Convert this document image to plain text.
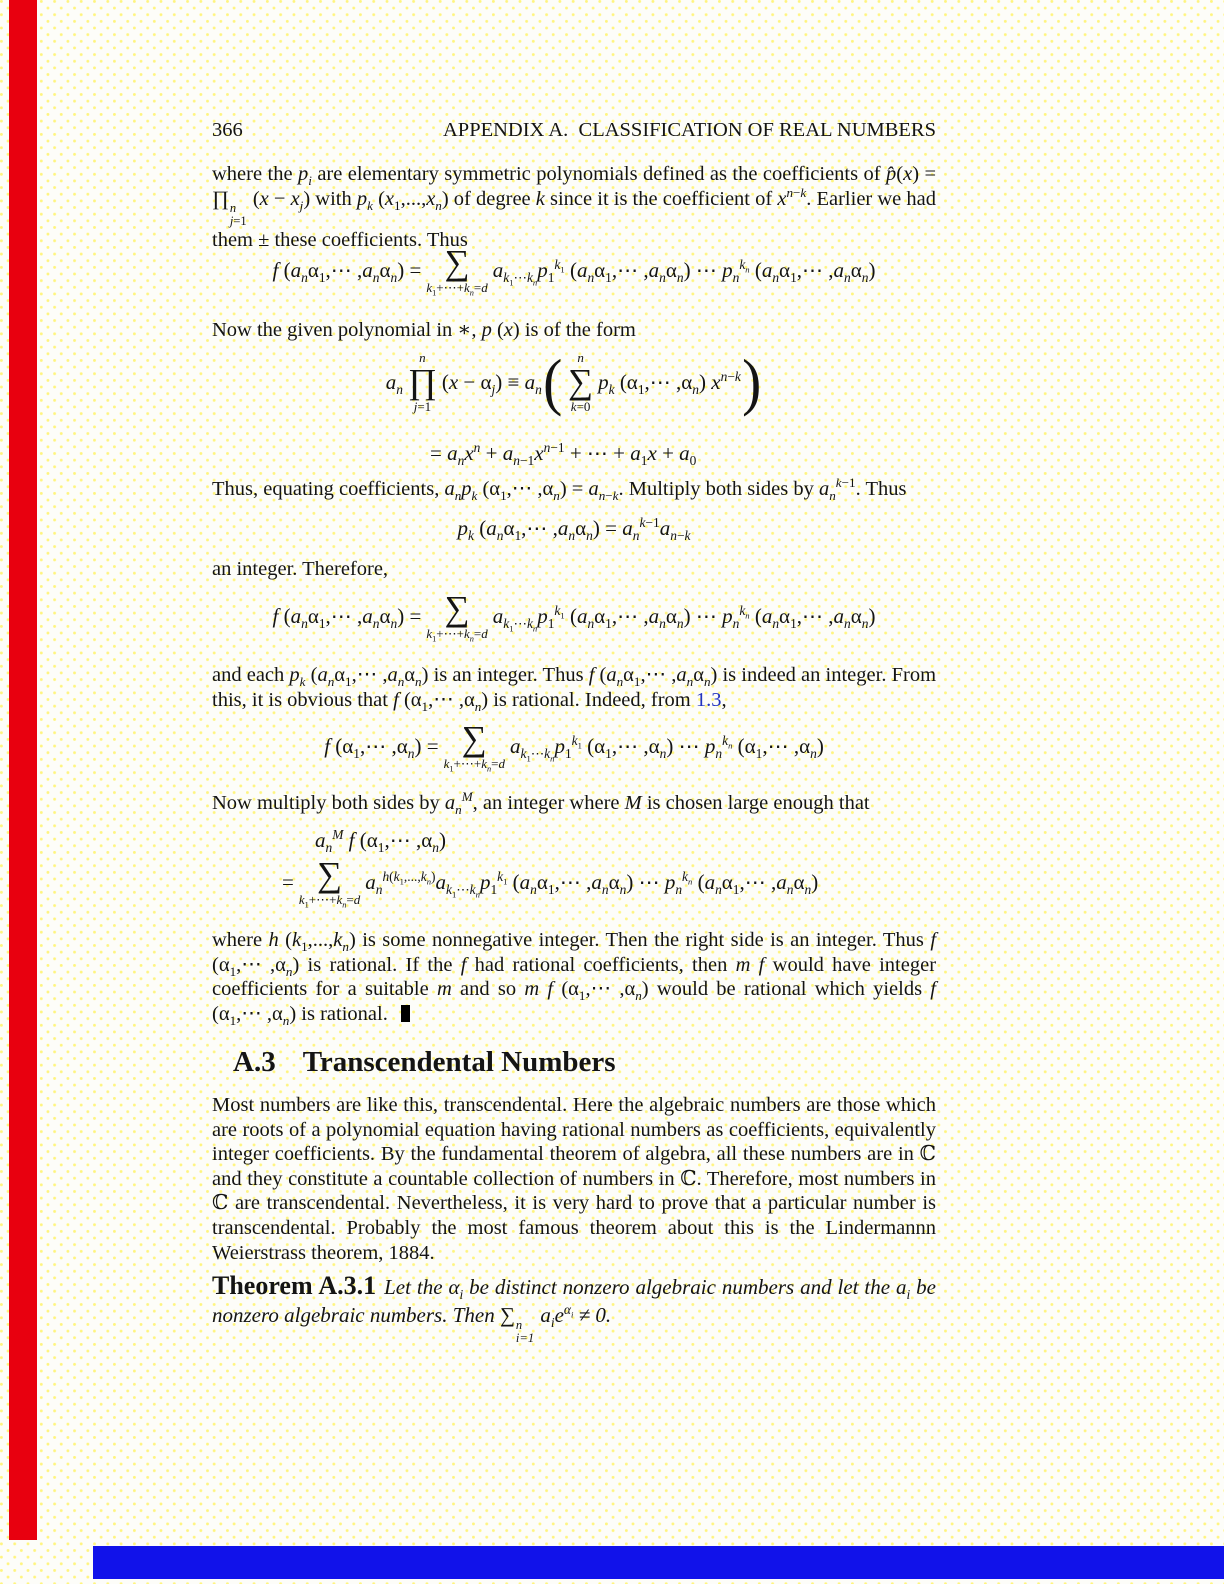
366	APPENDIX A.  CLASSIFICATION OF REAL NUMBERS

where the $p_i$ are elementary symmetric polynomials defined as the coefficients of p̂(x) = ∏ n
j=1
$(x - x_j)$ with $p_k$ $(x_1,...,x_n)$ of degree k since it is the coefficient of $x^{n-k}$. Earlier we had them ± these coefficients. Thus

f ($a_n\alpha_1,\cdots$ $,a_n\alpha_n$) = ∑
$k_1+\cdots+k_n=d$
$a_{k_1\cdots k_n}p_1^{k_1}$ ($a_n\alpha_1,\cdots$ $,a_n\alpha_n$) ⋯ $p_n^{k_n}$ ($a_n\alpha_1,\cdots$ $,a_n\alpha_n$)

Now the given polynomial in ∗, p (x) is of the form

$a_n$
n
∏
j=1
$(x - \alpha_j) \equiv a_n$ ( n
∑
k=0
$p_k$ ($\alpha_1,\cdots$ $,\alpha_n$) $x^{n-k}$ )
= $a_nx^n + a_{n-1}x^{n-1}$ + ⋯ + $a_1x + a_0$

Thus, equating coefficients, $a_np_k$ ($\alpha_1,\cdots$ $,\alpha_n) = a_{n-k}$. Multiply both sides by $a_n^{k-1}$. Thus

$p_k$ ($a_n\alpha_1,\cdots$ $,a_n\alpha_n) = a_n^{k-1}a_{n-k}$

an integer. Therefore,

f ($a_n\alpha_1,\cdots$ $,a_n\alpha_n$) = ∑
$k_1+\cdots+k_n=d$
$a_{k_1\cdots k_n}p_1^{k_1}$ ($a_n\alpha_1,\cdots$ $,a_n\alpha_n$) ⋯ $p_n^{k_n}$ ($a_n\alpha_1,\cdots$ $,a_n\alpha_n$)

and each $p_k$ ($a_n\alpha_1,\cdots$ $,a_n\alpha_n$) is an integer. Thus f ($a_n\alpha_1,\cdots$ $,a_n\alpha_n$) is indeed an integer. From this, it is obvious that f ($\alpha_1,\cdots$ $,\alpha_n$) is rational. Indeed, from 1.3,

f ($\alpha_1,\cdots$ $,\alpha_n$) = ∑
$k_1+\cdots+k_n=d$
$a_{k_1\cdots k_n}p_1^{k_1}$ ($\alpha_1,\cdots$ $,\alpha_n$) ⋯ $p_n^{k_n}$ ($\alpha_1,\cdots$ $,\alpha_n$)

Now multiply both sides by $a_n^M$, an integer where M is chosen large enough that

$a_n^M$ f ($\alpha_1,\cdots$ $,\alpha_n$)
= ∑
$k_1+\cdots+k_n=d$
$a_n^{h(k_1,...,k_n)}a_{k_1\cdots k_n}p_1^{k_1}$ ($a_n\alpha_1,\cdots$ $,a_n\alpha_n$) ⋯ $p_n^{k_n}$ ($a_n\alpha_1,\cdots$ $,a_n\alpha_n$)

where h $(k_1,...,k_n)$ is some nonnegative integer. Then the right side is an integer. Thus f ($\alpha_1,\cdots$ $,\alpha_n$) is rational. If the f had rational coefficients, then m f would have integer coefficients for a suitable m and so m f ($\alpha_1,\cdots$ $,\alpha_n$) would be rational which yields f ($\alpha_1,\cdots$ $,\alpha_n$) is rational.

A.3 Transcendental Numbers

Most numbers are like this, transcendental. Here the algebraic numbers are those which are roots of a polynomial equation having rational numbers as coefficients, equivalently integer coefficients. By the fundamental theorem of algebra, all these numbers are in ℂ and they constitute a countable collection of numbers in ℂ. Therefore, most numbers in ℂ are transcendental. Nevertheless, it is very hard to prove that a particular number is transcendental. Probably the most famous theorem about this is the Lindermannn Weierstrass theorem, 1884.

Theorem A.3.1 Let the $\alpha_i$ be distinct nonzero algebraic numbers and let the $a_i$ be nonzero algebraic numbers. Then ∑ n
i=1
$a_ie^{\alpha_i} \ne 0$.
